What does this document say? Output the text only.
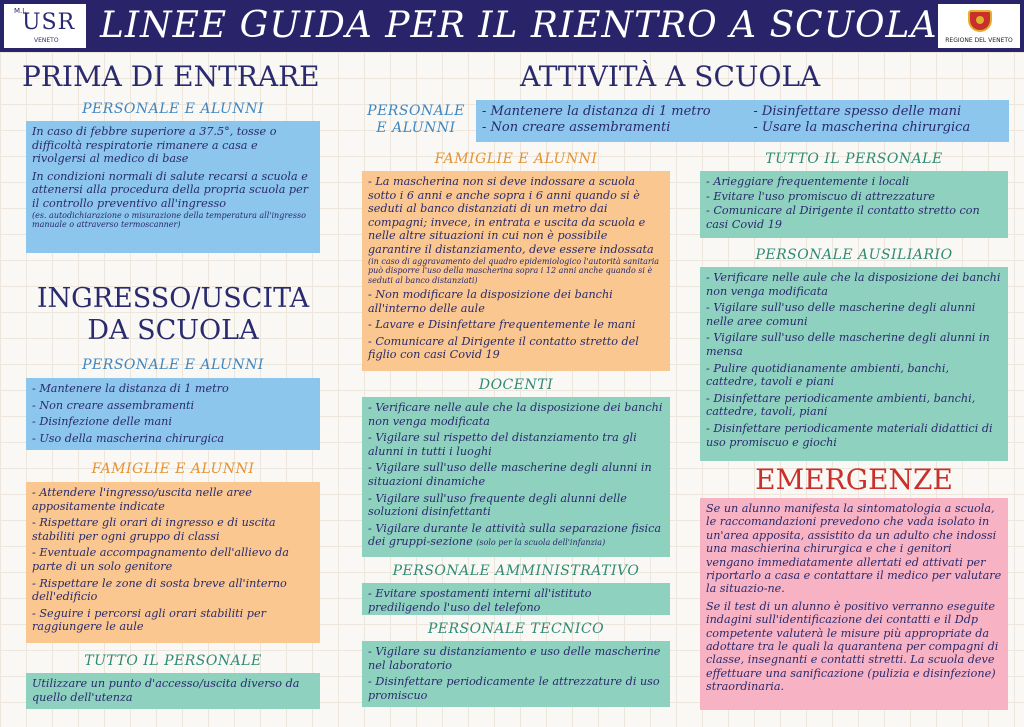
M.I.
USR
VENETO LINEE GUIDA PER IL RIENTRO A SCUOLA	REGIONE DEL VENETO
PRIMA DI ENTRARE
PERSONALE E ALUNNI

In caso di febbre superiore a 37.5°, tosse o difficoltà respiratorie rimanere a casa e rivolgersi al medico di base

In condizioni normali di salute recarsi a scuola e attenersi alla procedura della propria scuola per il controllo preventivo all'ingresso

(es. autodichiarazione o misurazione della temperatura all'ingresso manuale o attraverso termoscanner)
INGRESSO/USCITA
DA SCUOLA
PERSONALE E ALUNNI
- Mantenere la distanza di 1 metro
- Non creare assembramenti
- Disinfezione delle mani
- Uso della mascherina chirurgica
FAMIGLIE E ALUNNI
- Attendere l'ingresso/uscita nelle aree appositamente indicate
- Rispettare gli orari di ingresso e di uscita stabiliti per ogni gruppo di classi
- Eventuale accompagnamento dell'allievo da parte di un solo genitore
- Rispettare le zone di sosta breve all'interno dell'edificio
- Seguire i percorsi agli orari stabiliti per raggiungere le aule
TUTTO IL PERSONALE

Utilizzare un punto d'accesso/uscita diverso da quello dell'utenza

ATTIVITÀ A SCUOLA
PERSONALE
E ALUNNI
- Mantenere la distanza di 1 metro
- Non creare assembramenti
- Disinfettare spesso delle mani
- Usare la mascherina chirurgica
FAMIGLIE E ALUNNI
- La mascherina non si deve indossare a scuola sotto i 6 anni e anche sopra i 6 anni quando si è seduti al banco distanziati di un metro dai compagni; invece, in entrata e uscita da scuola e nelle altre situazioni in cui non è possibile garantire il distanziamento, deve essere indossata
(in caso di aggravamento del quadro epidemiologico l'autorità sanitaria può disporre l'uso della mascherina sopra i 12 anni anche quando si è seduti al banco distanziati)
- Non modificare la disposizione dei banchi all'interno delle aule
- Lavare e Disinfettare frequentemente le mani
- Comunicare al Dirigente il contatto stretto del figlio con casi Covid 19
DOCENTI
- Verificare nelle aule che la disposizione dei banchi non venga modificata
- Vigilare sul rispetto del distanziamento tra gli alunni in tutti i luoghi
- Vigilare sull'uso delle mascherine degli alunni in situazioni dinamiche
- Vigilare sull'uso frequente degli alunni delle soluzioni disinfettanti
- Vigilare durante le attività sulla separazione fisica dei gruppi-sezione (solo per la scuola dell'infanzia)
PERSONALE AMMINISTRATIVO
- Evitare spostamenti interni all'istituto prediligendo l'uso del telefono
PERSONALE TECNICO
- Vigilare su distanziamento e uso delle mascherine nel laboratorio
- Disinfettare periodicamente le attrezzature di uso promiscuo
TUTTO IL PERSONALE
- Arieggiare frequentemente i locali
- Evitare l'uso promiscuo di attrezzature
- Comunicare al Dirigente il contatto stretto con casi Covid 19
PERSONALE AUSILIARIO
- Verificare nelle aule che la disposizione dei banchi non venga modificata
- Vigilare sull'uso delle mascherine degli alunni nelle aree comuni
- Vigilare sull'uso delle mascherine degli alunni in mensa
- Pulire quotidianamente ambienti, banchi, cattedre, tavoli e piani
- Disinfettare periodicamente ambienti, banchi, cattedre, tavoli, piani
- Disinfettare periodicamente materiali didattici di uso promiscuo e giochi
EMERGENZE

Se un alunno manifesta la sintomatologia a scuola, le raccomandazioni prevedono che vada isolato in un'area apposita, assistito da un adulto che indossi una maschierina chirurgica e che i genitori vengano immediatamente allertati ed attivati per riportarlo a casa e contattare il medico per valutare la situazio-ne.

Se il test di un alunno è positivo verranno eseguite indagini sull'identificazione dei contatti e il Ddp competente valuterà le misure più appropriate da adottare tra le quali la quarantena per compagni di classe, insegnanti e contatti stretti. La scuola deve effettuare una sanificazione (pulizia e disinfezione) straordinaria.
